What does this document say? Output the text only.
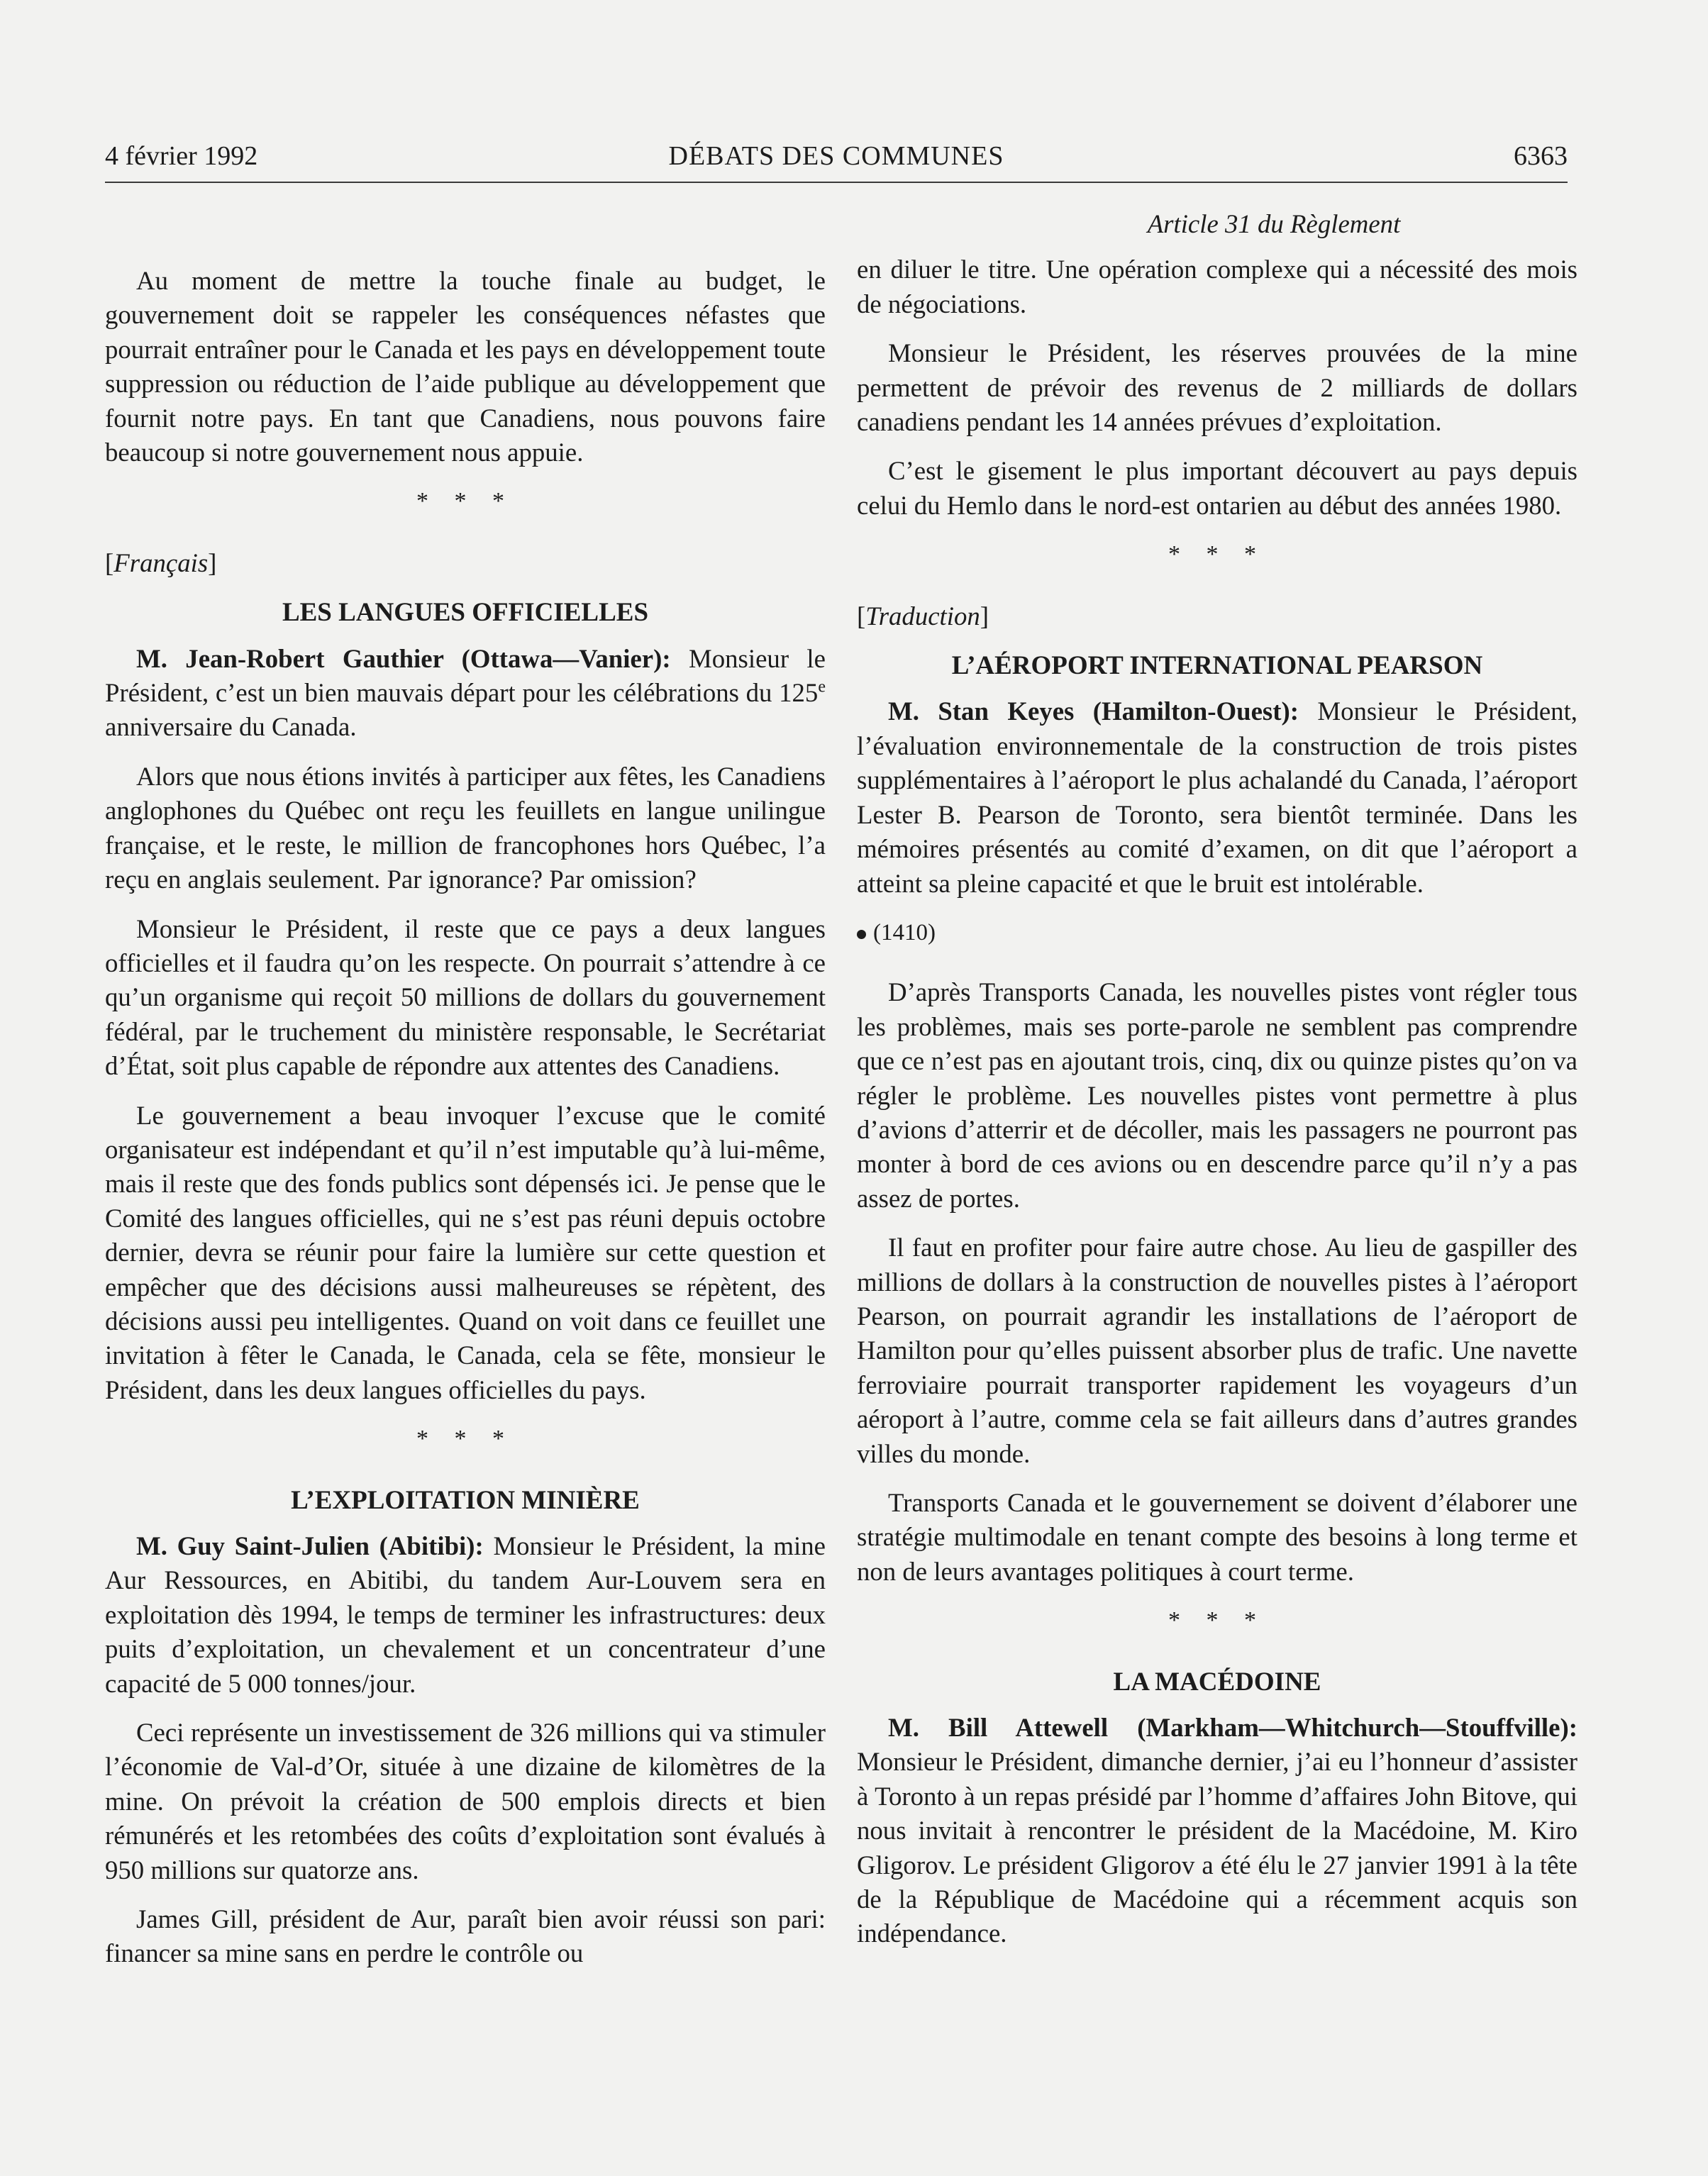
4 février 1992	DÉBATS DES COMMUNES	6363

Au moment de mettre la touche finale au budget, le gouvernement doit se rappeler les conséquences néfastes que pourrait entraîner pour le Canada et les pays en développement toute suppression ou réduction de l’aide publique au développement que fournit notre pays. En tant que Canadiens, nous pouvons faire beaucoup si notre gouvernement nous appuie.

* * *
[Français]
LES LANGUES OFFICIELLES

M. Jean-Robert Gauthier (Ottawa—Vanier): Monsieur le Président, c’est un bien mauvais départ pour les célébrations du 125e anniversaire du Canada.

Alors que nous étions invités à participer aux fêtes, les Canadiens anglophones du Québec ont reçu les feuillets en langue unilingue française, et le reste, le million de francophones hors Québec, l’a reçu en anglais seulement. Par ignorance? Par omission?

Monsieur le Président, il reste que ce pays a deux langues officielles et il faudra qu’on les respecte. On pourrait s’attendre à ce qu’un organisme qui reçoit 50 millions de dollars du gouvernement fédéral, par le truchement du ministère responsable, le Secrétariat d’État, soit plus capable de répondre aux attentes des Canadiens.

Le gouvernement a beau invoquer l’excuse que le comité organisateur est indépendant et qu’il n’est imputable qu’à lui-même, mais il reste que des fonds publics sont dépensés ici. Je pense que le Comité des langues officielles, qui ne s’est pas réuni depuis octobre dernier, devra se réunir pour faire la lumière sur cette question et empêcher que des décisions aussi malheureuses se répètent, des décisions aussi peu intelligentes. Quand on voit dans ce feuillet une invitation à fêter le Canada, le Canada, cela se fête, monsieur le Président, dans les deux langues officielles du pays.

* * *
L’EXPLOITATION MINIÈRE

M. Guy Saint-Julien (Abitibi): Monsieur le Président, la mine Aur Ressources, en Abitibi, du tandem Aur-Louvem sera en exploitation dès 1994, le temps de terminer les infrastructures: deux puits d’exploitation, un chevalement et un concentrateur d’une capacité de 5 000 tonnes/jour.

Ceci représente un investissement de 326 millions qui va stimuler l’économie de Val-d’Or, située à une dizaine de kilomètres de la mine. On prévoit la création de 500 emplois directs et bien rémunérés et les retombées des coûts d’exploitation sont évalués à 950 millions sur quatorze ans.

James Gill, président de Aur, paraît bien avoir réussi son pari: financer sa mine sans en perdre le contrôle ou

Article 31 du Règlement

en diluer le titre. Une opération complexe qui a nécessité des mois de négociations.

Monsieur le Président, les réserves prouvées de la mine permettent de prévoir des revenus de 2 milliards de dollars canadiens pendant les 14 années prévues d’exploitation.

C’est le gisement le plus important découvert au pays depuis celui du Hemlo dans le nord-est ontarien au début des années 1980.

* * *
[Traduction]
L’AÉROPORT INTERNATIONAL PEARSON

M. Stan Keyes (Hamilton-Ouest): Monsieur le Président, l’évaluation environnementale de la construction de trois pistes supplémentaires à l’aéroport le plus achalandé du Canada, l’aéroport Lester B. Pearson de Toronto, sera bientôt terminée. Dans les mémoires présentés au comité d’examen, on dit que l’aéroport a atteint sa pleine capacité et que le bruit est intolérable.

(1410)

D’après Transports Canada, les nouvelles pistes vont régler tous les problèmes, mais ses porte-parole ne semblent pas comprendre que ce n’est pas en ajoutant trois, cinq, dix ou quinze pistes qu’on va régler le problème. Les nouvelles pistes vont permettre à plus d’avions d’atterrir et de décoller, mais les passagers ne pourront pas monter à bord de ces avions ou en descendre parce qu’il n’y a pas assez de portes.

Il faut en profiter pour faire autre chose. Au lieu de gaspiller des millions de dollars à la construction de nouvelles pistes à l’aéroport Pearson, on pourrait agrandir les installations de l’aéroport de Hamilton pour qu’elles puissent absorber plus de trafic. Une navette ferroviaire pourrait transporter rapidement les voyageurs d’un aéroport à l’autre, comme cela se fait ailleurs dans d’autres grandes villes du monde.

Transports Canada et le gouvernement se doivent d’élaborer une stratégie multimodale en tenant compte des besoins à long terme et non de leurs avantages politiques à court terme.

* * *
LA MACÉDOINE

M. Bill Attewell (Markham—Whitchurch—Stouffville): Monsieur le Président, dimanche dernier, j’ai eu l’honneur d’assister à Toronto à un repas présidé par l’homme d’affaires John Bitove, qui nous invitait à rencontrer le président de la Macédoine, M. Kiro Gligorov. Le président Gligorov a été élu le 27 janvier 1991 à la tête de la République de Macédoine qui a récemment acquis son indépendance.
